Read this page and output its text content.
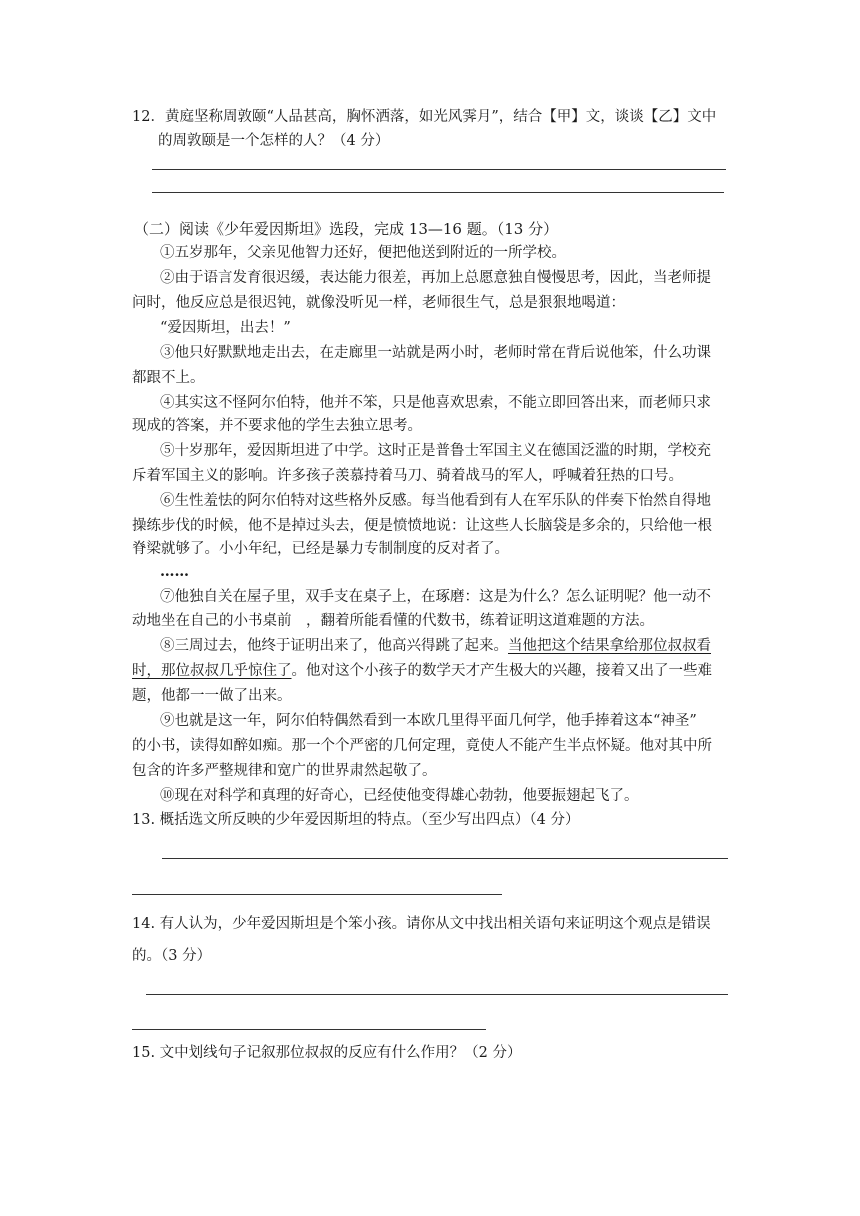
12．黄庭坚称周敦颐“人品甚高，胸怀洒落，如光风霁月”，结合【甲】文，谈谈【乙】文中
的周敦颐是一个怎样的人？（4 分）
（二）阅读《少年爱因斯坦》选段，完成 13—16 题。（13 分）
①五岁那年，父亲见他智力还好，便把他送到附近的一所学校。
②由于语言发育很迟缓，表达能力很差，再加上总愿意独自慢慢思考，因此，当老师提
问时，他反应总是很迟钝，就像没听见一样，老师很生气，总是狠狠地喝道：
“爱因斯坦，出去！”
③他只好默默地走出去，在走廊里一站就是两小时，老师时常在背后说他笨，什么功课
都跟不上。
④其实这不怪阿尔伯特，他并不笨，只是他喜欢思索，不能立即回答出来，而老师只求
现成的答案，并不要求他的学生去独立思考。
⑤十岁那年，爱因斯坦进了中学。这时正是普鲁士军国主义在德国泛滥的时期，学校充
斥着军国主义的影响。许多孩子羡慕持着马刀、骑着战马的军人，呼喊着狂热的口号。
⑥生性羞怯的阿尔伯特对这些格外反感。每当他看到有人在军乐队的伴奏下怡然自得地
操练步伐的时候，他不是掉过头去，便是愤愤地说：让这些人长脑袋是多余的，只给他一根
脊梁就够了。小小年纪，已经是暴力专制制度的反对者了。
……
⑦他独自关在屋子里，双手支在桌子上，在琢磨：这是为什么？怎么证明呢？他一动不
动地坐在自己的小书桌前　，翻着所能看懂的代数书，练着证明这道难题的方法。
⑧三周过去，他终于证明出来了，他高兴得跳了起来。当他把这个结果拿给那位叔叔看
时，那位叔叔几乎惊住了。他对这个小孩子的数学天才产生极大的兴趣，接着又出了一些难
题，他都一一做了出来。
⑨也就是这一年，阿尔伯特偶然看到一本欧几里得平面几何学，他手捧着这本“神圣”
的小书，读得如醉如痴。那一个个严密的几何定理，竟使人不能产生半点怀疑。他对其中所
包含的许多严整规律和宽广的世界肃然起敬了。
⑩现在对科学和真理的好奇心，已经使他变得雄心勃勃，他要振翅起飞了。
13. 概括选文所反映的少年爱因斯坦的特点。（至少写出四点）（4 分）
14. 有人认为，少年爱因斯坦是个笨小孩。请你从文中找出相关语句来证明这个观点是错误
的。（3 分）
15. 文中划线句子记叙那位叔叔的反应有什么作用？（2 分）
